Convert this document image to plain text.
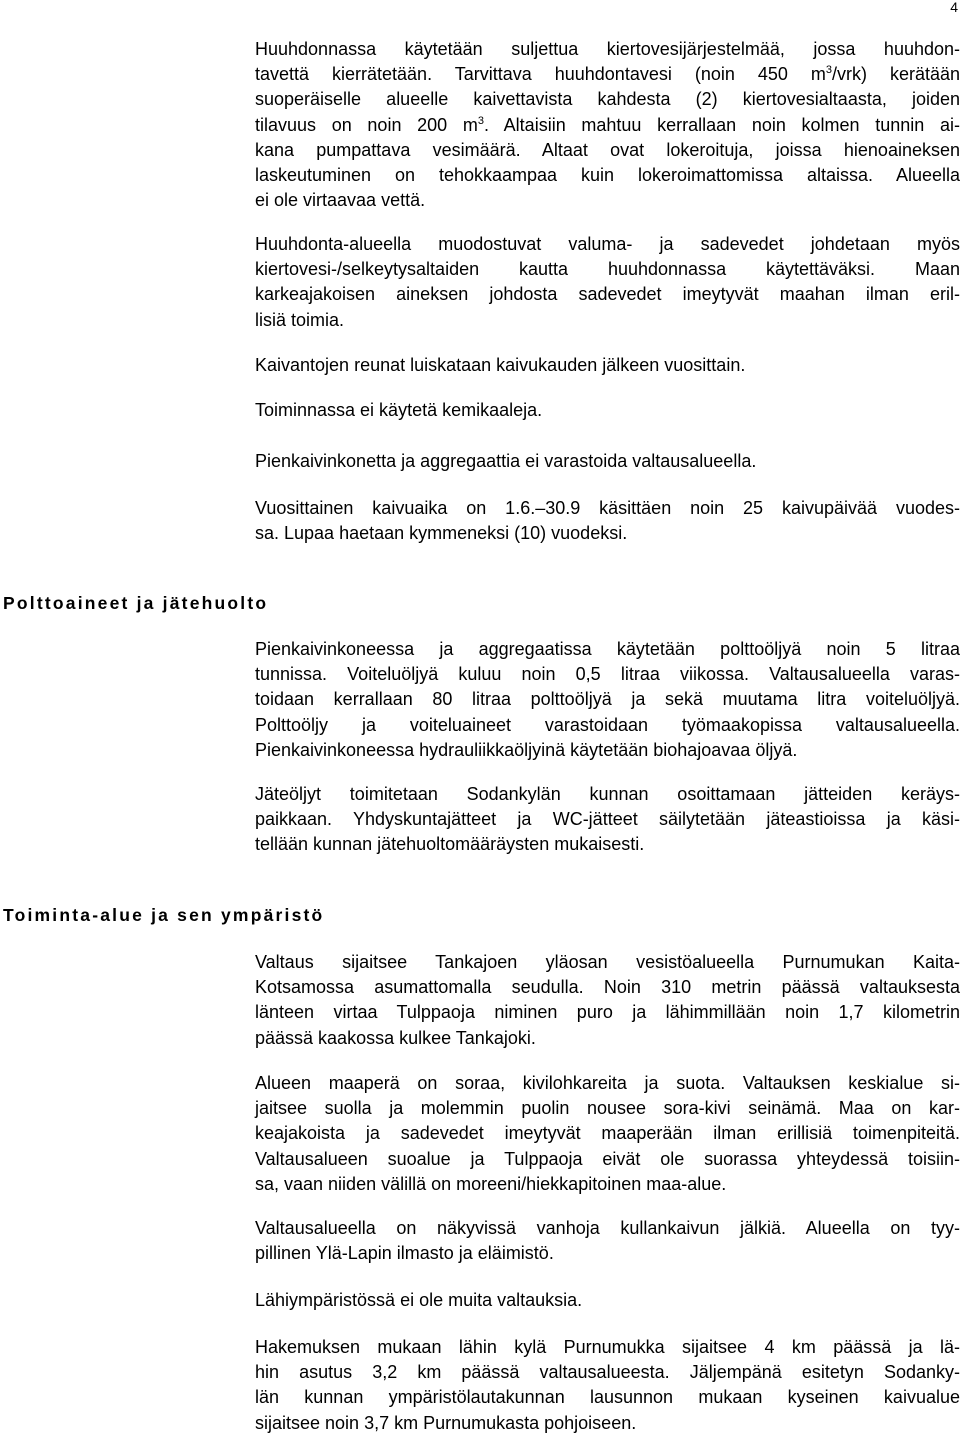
4
Huuhdonnassa käytetään suljettua kiertovesijärjestelmää, jossa huuhdon-
tavettä kierrätetään. Tarvittava huuhdontavesi (noin 450 $m^3/vrk$) kerätään
suoperäiselle alueelle kaivettavista kahdesta (2) kiertovesialtaasta, joiden
tilavuus on noin 200 $m^3$. Altaisiin mahtuu kerrallaan noin kolmen tunnin ai-
kana pumpattava vesimäärä. Altaat ovat lokeroituja, joissa hienoaineksen
laskeutuminen on tehokkaampaa kuin lokeroimattomissa altaissa. Alueella
ei ole virtaavaa vettä.
Huuhdonta-alueella muodostuvat valuma- ja sadevedet johdetaan myös
kiertovesi-/selkeytysaltaiden kautta huuhdonnassa käytettäväksi. Maan
karkeajakoisen aineksen johdosta sadevedet imeytyvät maahan ilman eril-
lisiä toimia.
Kaivantojen reunat luiskataan kaivukauden jälkeen vuosittain.
Toiminnassa ei käytetä kemikaaleja.
Pienkaivinkonetta ja aggregaattia ei varastoida valtausalueella.
Vuosittainen kaivuaika on 1.6.–30.9 käsittäen noin 25 kaivupäivää vuodes-
sa. Lupaa haetaan kymmeneksi (10) vuodeksi.
Polttoaineet ja jätehuolto
Pienkaivinkoneessa ja aggregaatissa käytetään polttoöljyä noin 5 litraa
tunnissa. Voiteluöljyä kuluu noin 0,5 litraa viikossa. Valtausalueella varas-
toidaan kerrallaan 80 litraa polttoöljyä ja sekä muutama litra voiteluöljyä.
Polttoöljy ja voiteluaineet varastoidaan työmaakopissa valtausalueella.
Pienkaivinkoneessa hydrauliikkaöljyinä käytetään biohajoavaa öljyä.
Jäteöljyt toimitetaan Sodankylän kunnan osoittamaan jätteiden keräys-
paikkaan. Yhdyskuntajätteet ja WC-jätteet säilytetään jäteastioissa ja käsi-
tellään kunnan jätehuoltomääräysten mukaisesti.
Toiminta-alue ja sen ympäristö
Valtaus sijaitsee Tankajoen yläosan vesistöalueella Purnumukan Kaita-
Kotsamossa asumattomalla seudulla. Noin 310 metrin päässä valtauksesta
länteen virtaa Tulppaoja niminen puro ja lähimmillään noin 1,7 kilometrin
päässä kaakossa kulkee Tankajoki.
Alueen maaperä on soraa, kivilohkareita ja suota. Valtauksen keskialue si-
jaitsee suolla ja molemmin puolin nousee sora-kivi seinämä. Maa on kar-
keajakoista ja sadevedet imeytyvät maaperään ilman erillisiä toimenpiteitä.
Valtausalueen suoalue ja Tulppaoja eivät ole suorassa yhteydessä toisiin-
sa, vaan niiden välillä on moreeni/hiekkapitoinen maa-alue.
Valtausalueella on näkyvissä vanhoja kullankaivun jälkiä. Alueella on tyy-
pillinen Ylä-Lapin ilmasto ja eläimistö.
Lähiympäristössä ei ole muita valtauksia.
Hakemuksen mukaan lähin kylä Purnumukka sijaitsee 4 km päässä ja lä-
hin asutus 3,2 km päässä valtausalueesta. Jäljempänä esitetyn Sodanky-
län kunnan ympäristölautakunnan lausunnon mukaan kyseinen kaivualue
sijaitsee noin 3,7 km Purnumukasta pohjoiseen.
